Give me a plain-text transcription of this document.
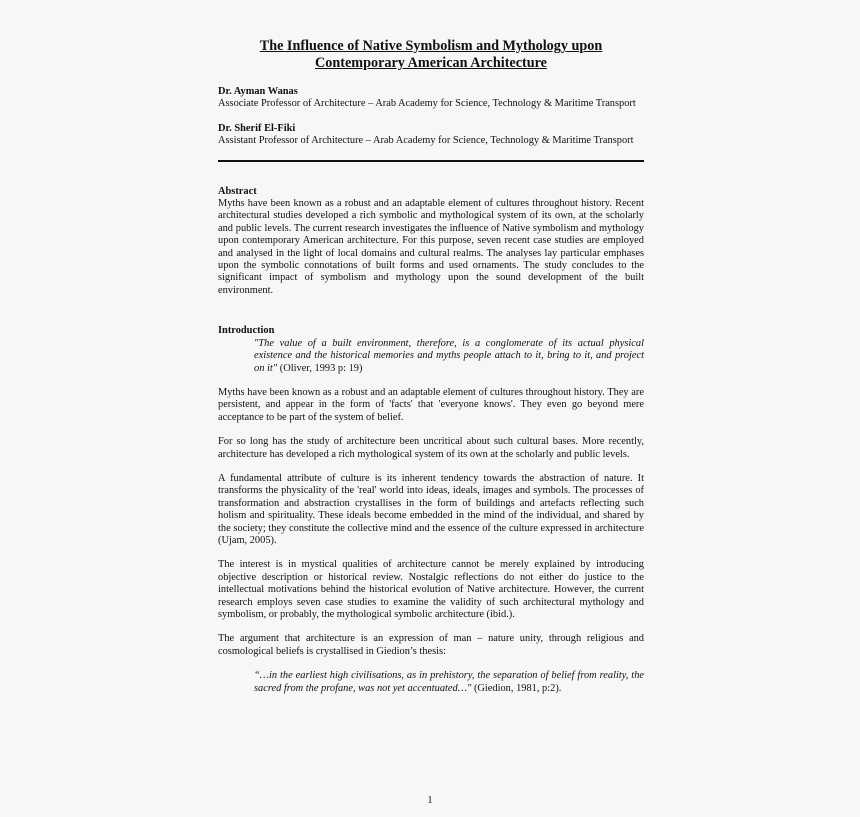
The Influence of Native Symbolism and Mythology upon
Contemporary American Architecture
Dr. Ayman Wanas
Associate Professor of Architecture – Arab Academy for Science, Technology & Maritime Transport
Dr. Sherif El-Fiki
Assistant Professor of Architecture – Arab Academy for Science, Technology & Maritime Transport
Abstract

Myths have been known as a robust and an adaptable element of cultures throughout history. Recent architectural studies developed a rich symbolic and mythological system of its own, at the scholarly and public levels. The current research investigates the influence of Native symbolism and mythology upon contemporary American architecture. For this purpose, seven recent case studies are employed and analysed in the light of local domains and cultural realms. The analyses lay particular emphases upon the symbolic connotations of built forms and used ornaments. The study concludes to the significant impact of symbolism and mythology upon the sound development of the built environment.

Introduction
"The value of a built environment, therefore, is a conglomerate of its actual physical existence and the historical memories and myths people attach to it, bring to it, and project on it" (Oliver, 1993 p: 19)

Myths have been known as a robust and an adaptable element of cultures throughout history. They are persistent, and appear in the form of 'facts' that 'everyone knows'. They even go beyond mere acceptance to be part of the system of belief.

For so long has the study of architecture been uncritical about such cultural bases. More recently, architecture has developed a rich mythological system of its own at the scholarly and public levels.

A fundamental attribute of culture is its inherent tendency towards the abstraction of nature. It transforms the physicality of the 'real' world into ideas, ideals, images and symbols. The processes of transformation and abstraction crystallises in the form of buildings and artefacts reflecting such holism and spirituality. These ideals become embedded in the mind of the individual, and shared by the society; they constitute the collective mind and the essence of the culture expressed in architecture (Ujam, 2005).

The interest is in mystical qualities of architecture cannot be merely explained by introducing objective description or historical review. Nostalgic reflections do not either do justice to the intellectual motivations behind the historical evolution of Native architecture. However, the current research employs seven case studies to examine the validity of such architectural mythology and symbolism, or probably, the mythological symbolic architecture (ibid.).

The argument that architecture is an expression of man – nature unity, through religious and cosmological beliefs is crystallised in Giedion’s thesis:

“…in the earliest high civilisations, as in prehistory, the separation of belief from reality, the sacred from the profane, was not yet accentuated…" (Giedion, 1981, p:2).
1
